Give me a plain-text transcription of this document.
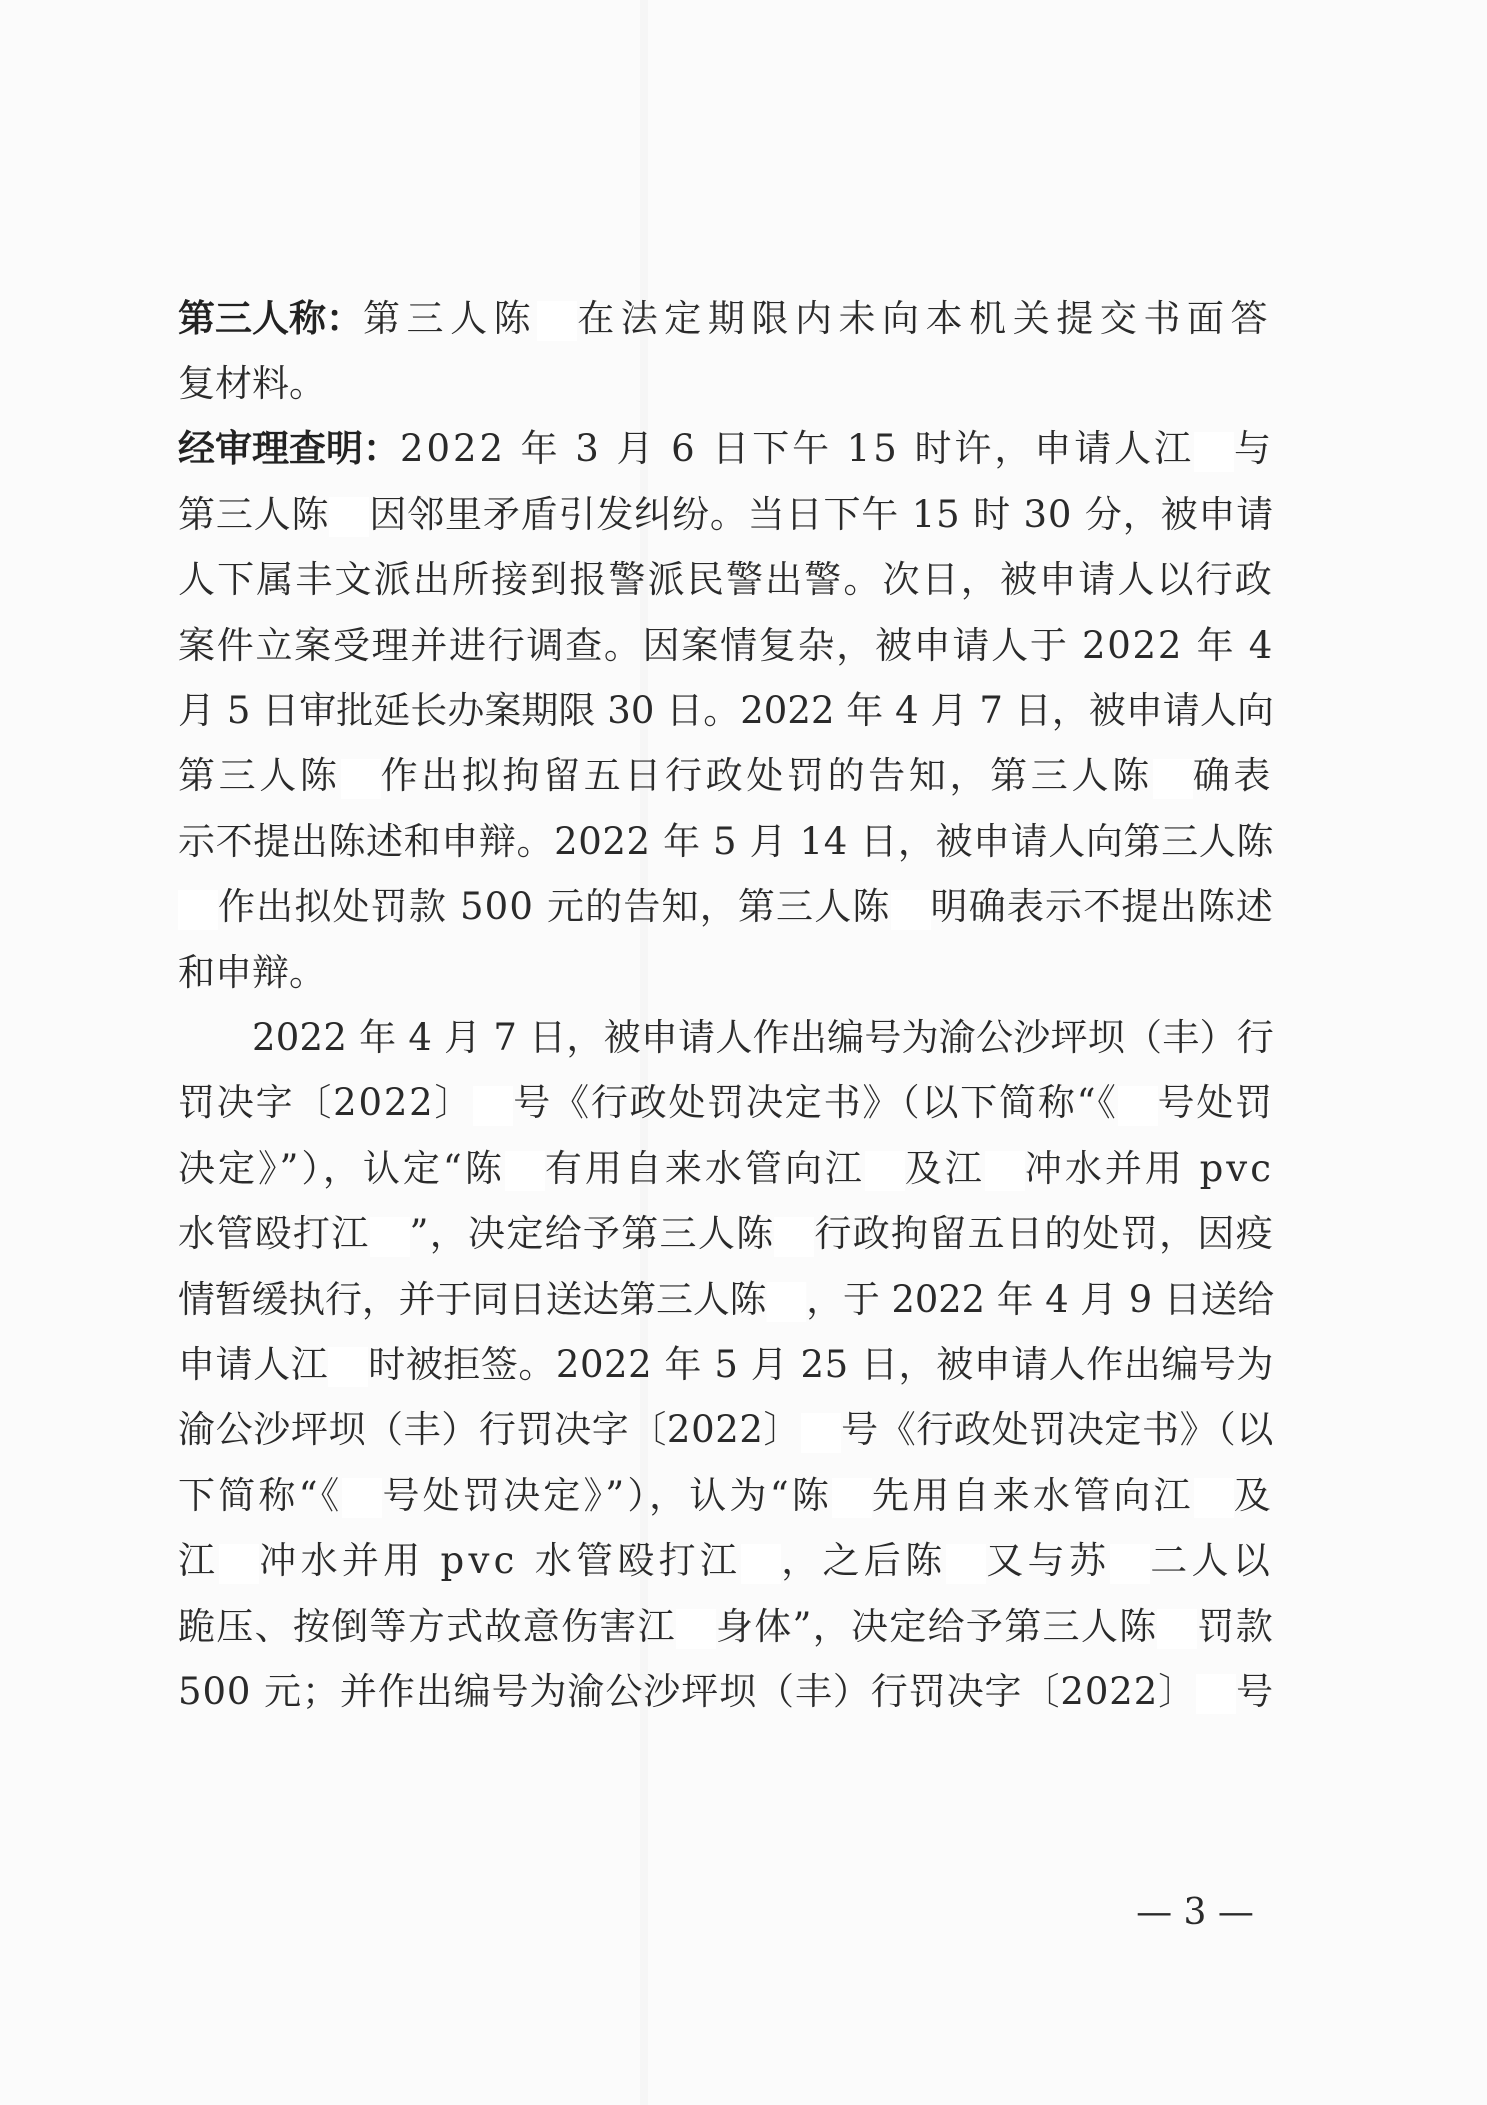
第三人称： 第三人陈 在法定期限内未向本机关提交书面答
复材料。
经审理查明： 2022 年 3 月 6 日下午 15 时许，申请人江 与
第三人陈 因邻里矛盾引发纠纷。当日下午 15 时 30 分，被申请
人下属丰文派出所接到报警派民警出警。次日，被申请人以行政
案件立案受理并进行调查。因案情复杂，被申请人于 2022 年 4
月 5 日审批延长办案期限 30 日。2022 年 4 月 7 日，被申请人向
第三人陈 作出拟拘留五日行政处罚的告知，第三人陈 确表
示不提出陈述和申辩。2022 年 5 月 14 日，被申请人向第三人陈
作出拟处罚款 500 元的告知，第三人陈 明确表示不提出陈述
和申辩。
2022 年 4 月 7 日，被申请人作出编号为渝公沙坪坝（丰）行
罚决字〔2022〕 号《行政处罚决定书》（以下简称“《 号处罚
决定》”），认定“陈 有用自来水管向江 及江 冲水并用 pvc
水管殴打江 ”，决定给予第三人陈 行政拘留五日的处罚，因疫
情暂缓执行，并于同日送达第三人陈 ，于 2022 年 4 月 9 日送给
申请人江 时被拒签。2022 年 5 月 25 日，被申请人作出编号为
渝公沙坪坝（丰）行罚决字〔2022〕 号《行政处罚决定书》（以
下简称“《 号处罚决定》”），认为“陈 先用自来水管向江 及
江 冲水并用 pvc 水管殴打江 ，之后陈 又与苏 二人以
跪压、按倒等方式故意伤害江 身体”，决定给予第三人陈 罚款
500 元；并作出编号为渝公沙坪坝（丰）行罚决字〔2022〕 号
— 3 —
